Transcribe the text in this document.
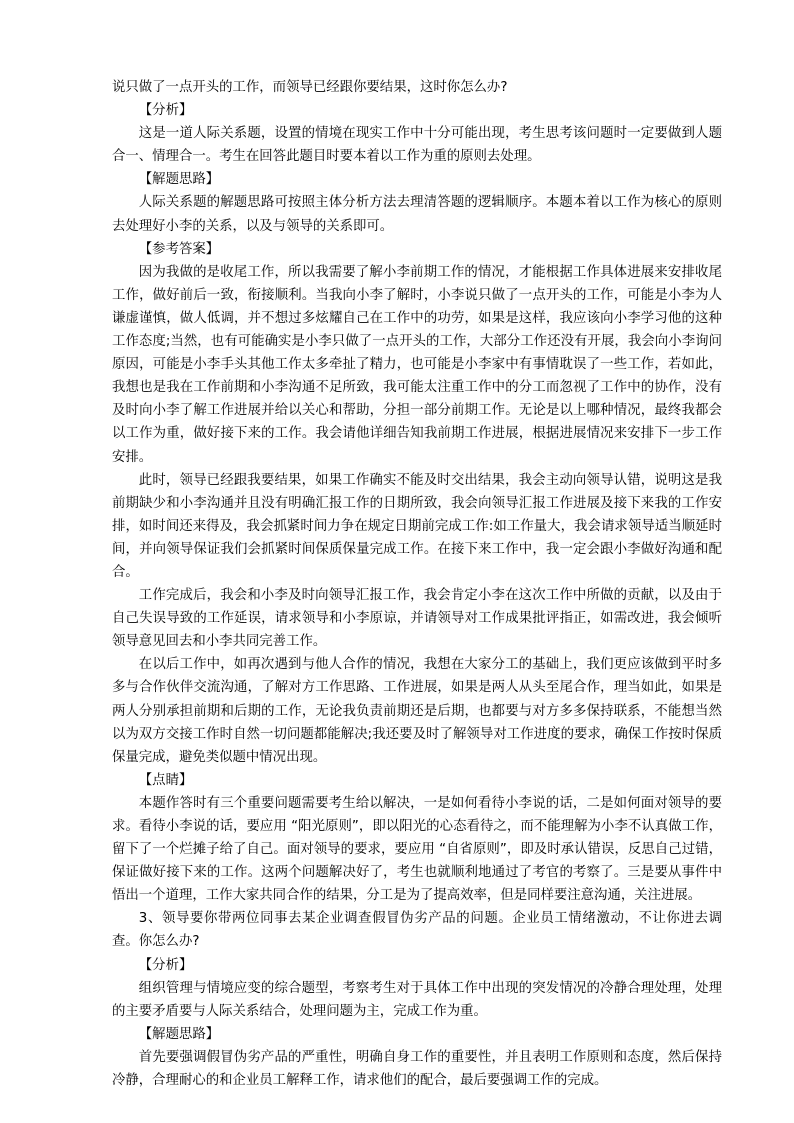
说只做了一点开头的工作，而领导已经跟你要结果，这时你怎么办?

【分析】

这是一道人际关系题，设置的情境在现实工作中十分可能出现，考生思考该问题时一定要做到人题合一、情理合一。考生在回答此题目时要本着以工作为重的原则去处理。

【解题思路】

人际关系题的解题思路可按照主体分析方法去理清答题的逻辑顺序。本题本着以工作为核心的原则去处理好小李的关系，以及与领导的关系即可。

【参考答案】

因为我做的是收尾工作，所以我需要了解小李前期工作的情况，才能根据工作具体进展来安排收尾工作，做好前后一致，衔接顺利。当我向小李了解时，小李说只做了一点开头的工作，可能是小李为人谦虚谨慎，做人低调，并不想过多炫耀自己在工作中的功劳，如果是这样，我应该向小李学习他的这种工作态度;当然，也有可能确实是小李只做了一点开头的工作，大部分工作还没有开展，我会向小李询问原因，可能是小李手头其他工作太多牵扯了精力，也可能是小李家中有事情耽误了一些工作，若如此，我想也是我在工作前期和小李沟通不足所致，我可能太注重工作中的分工而忽视了工作中的协作，没有及时向小李了解工作进展并给以关心和帮助，分担一部分前期工作。无论是以上哪种情况，最终我都会以工作为重，做好接下来的工作。我会请他详细告知我前期工作进展，根据进展情况来安排下一步工作安排。

此时，领导已经跟我要结果，如果工作确实不能及时交出结果，我会主动向领导认错，说明这是我前期缺少和小李沟通并且没有明确汇报工作的日期所致，我会向领导汇报工作进展及接下来我的工作安排，如时间还来得及，我会抓紧时间力争在规定日期前完成工作:如工作量大，我会请求领导适当顺延时间，并向领导保证我们会抓紧时间保质保量完成工作。在接下来工作中，我一定会跟小李做好沟通和配合。

工作完成后，我会和小李及时向领导汇报工作，我会肯定小李在这次工作中所做的贡献，以及由于自己失误导致的工作延误，请求领导和小李原谅，并请领导对工作成果批评指正，如需改进，我会倾听领导意见回去和小李共同完善工作。

在以后工作中，如再次遇到与他人合作的情况，我想在大家分工的基础上，我们更应该做到平时多多与合作伙伴交流沟通，了解对方工作思路、工作进展，如果是两人从头至尾合作，理当如此，如果是两人分别承担前期和后期的工作，无论我负责前期还是后期，也都要与对方多多保持联系，不能想当然以为双方交接工作时自然一切问题都能解决;我还要及时了解领导对工作进度的要求，确保工作按时保质保量完成，避免类似题中情况出现。

【点睛】

本题作答时有三个重要问题需要考生给以解决，一是如何看待小李说的话，二是如何面对领导的要求。看待小李说的话，要应用 “阳光原则”，即以阳光的心态看待之，而不能理解为小李不认真做工作，留下了一个烂摊子给了自己。面对领导的要求，要应用 “自省原则”，即及时承认错误，反思自己过错，保证做好接下来的工作。这两个问题解决好了，考生也就顺利地通过了考官的考察了。三是要从事件中悟出一个道理，工作大家共同合作的结果，分工是为了提高效率，但是同样要注意沟通，关注进展。

3、领导要你带两位同事去某企业调查假冒伪劣产品的问题。企业员工情绪激动，不让你进去调查。你怎么办?

【分析】

组织管理与情境应变的综合题型，考察考生对于具体工作中出现的突发情况的冷静合理处理，处理的主要矛盾要与人际关系结合，处理问题为主，完成工作为重。

【解题思路】

首先要强调假冒伪劣产品的严重性，明确自身工作的重要性，并且表明工作原则和态度，然后保持冷静，合理耐心的和企业员工解释工作，请求他们的配合，最后要强调工作的完成。
